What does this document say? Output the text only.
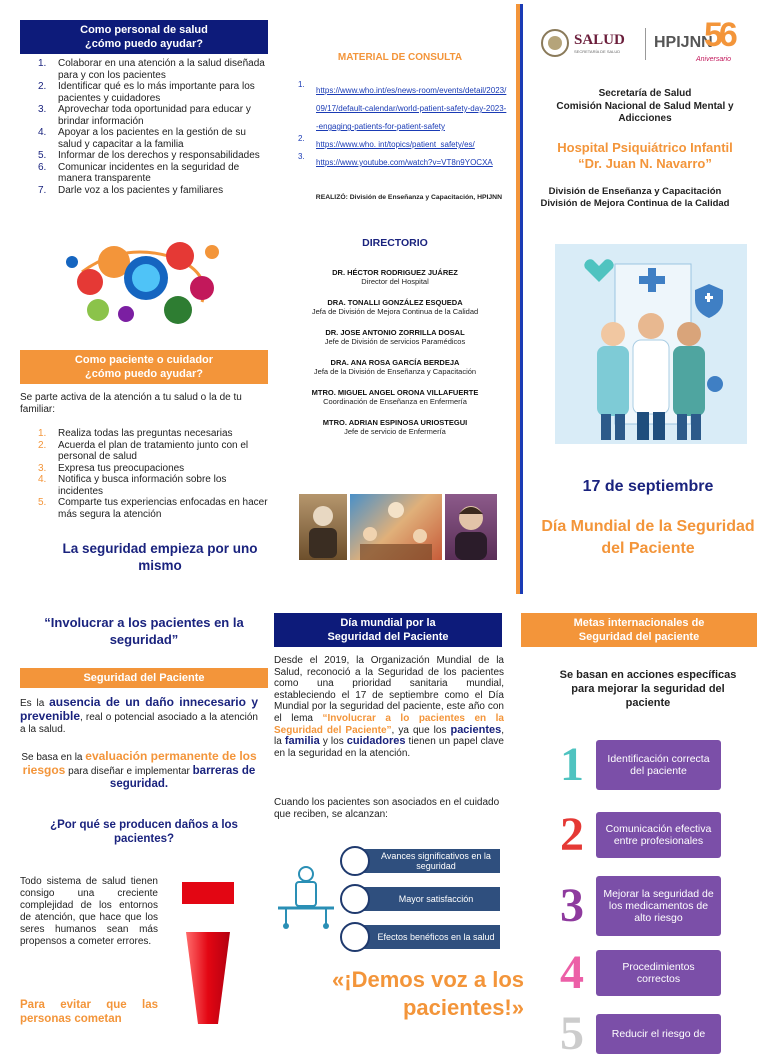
Como personal de salud
¿cómo puedo ayudar?
1. Colaborar en una atención a la salud diseñada para y con los pacientes
2. Identificar qué es lo más importante para los pacientes y cuidadores
3. Aprovechar toda oportunidad para educar y brindar información
4. Apoyar a los pacientes en la gestión de su salud y capacitar a la familia
5. Informar de los derechos y responsabilidades
6. Comunicar incidentes en la seguridad de manera transparente
7. Darle voz a los pacientes y familiares
Como paciente o cuidador
¿cómo puedo ayudar?
Se parte activa de la atención a tu salud o la de tu familiar:
1. Realiza todas las preguntas necesarias
2. Acuerda el plan de tratamiento junto con el personal de salud
3. Expresa tus preocupaciones
4. Notifica y busca información sobre los incidentes
5. Comparte tus experiencias enfocadas en hacer más segura la atención
La seguridad empieza por uno mismo
MATERIAL DE CONSULTA
1.
https://www.who.int/es/news-room/events/detail/2023/09/17/default-calendar/world-patient-safety-day-2023--engaging-patients-for-patient-safety
2.
https://www.who. int/topics/patient_safety/es/
3.
https://www.youtube.com/watch?v=VT8n9YOCXA
REALIZÓ: División de Enseñanza y Capacitación, HPIJNN
DIRECTORIO
DR. HÉCTOR RODRIGUEZ JUÁREZ
Director del Hospital
DRA. TONALLI GONZÁLEZ ESQUEDA
Jefa de División de Mejora Continua de la Calidad
DR. JOSE ANTONIO ZORRILLA DOSAL
Jefe de División de servicios Paramédicos
DRA. ANA ROSA GARCÍA BERDEJA
Jefa de la División de Enseñanza y Capacitación
MTRO. MIGUEL ANGEL ORONA VILLAFUERTE
Coordinación de Enseñanza en Enfermería
MTRO. ADRIAN ESPINOSA URIOSTEGUI
Jefe de servicio de Enfermería
SALUD
SECRETARÍA DE SALUD
HPIJNN
56
Aniversario
Secretaría de Salud
Comisión Nacional de Salud Mental y Adicciones
Hospital Psiquiátrico Infantil
“Dr. Juan N. Navarro”
División de Enseñanza y Capacitación
División de Mejora Continua de la Calidad
17 de septiembre
Día Mundial de la Seguridad del Paciente
“Involucrar a los pacientes en la seguridad”
Seguridad del Paciente
Es la ausencia de un daño innecesario y prevenible, real o potencial asociado a la atención a la salud.
Se basa en la evaluación permanente de los riesgos para diseñar e implementar barreras de seguridad.
¿Por qué se producen daños a los pacientes?
Todo sistema de salud tienen consigo una creciente complejidad de los entornos de atención, que hace que los seres humanos sean más propensos a cometer errores.
Para evitar que las personas cometan
Día mundial por la
Seguridad del Paciente
Desde el 2019, la Organización Mundial de la Salud, reconoció a la Seguridad de los pacientes como una prioridad sanitaria mundial, estableciendo el 17 de septiembre como el Día Mundial por la seguridad del paciente, este año con el lema “Involucrar a lo pacientes en la Seguridad del Paciente”, ya que los pacientes, la familia y los cuidadores tienen un papel clave en la seguridad en la atención.
Cuando los pacientes son asociados en el cuidado que reciben, se alcanzan:
Avances significativos en la seguridad
Mayor satisfacción
Efectos benéficos en la salud
«¡Demos voz a los pacientes!»
Metas internacionales de
Seguridad del paciente
Se basan en acciones específicas para mejorar la seguridad del paciente
1	Identificación correcta del paciente
2	Comunicación efectiva entre profesionales
3	Mejorar la seguridad de los medicamentos de alto riesgo
4	Procedimientos correctos
5	Reducir el riesgo de
